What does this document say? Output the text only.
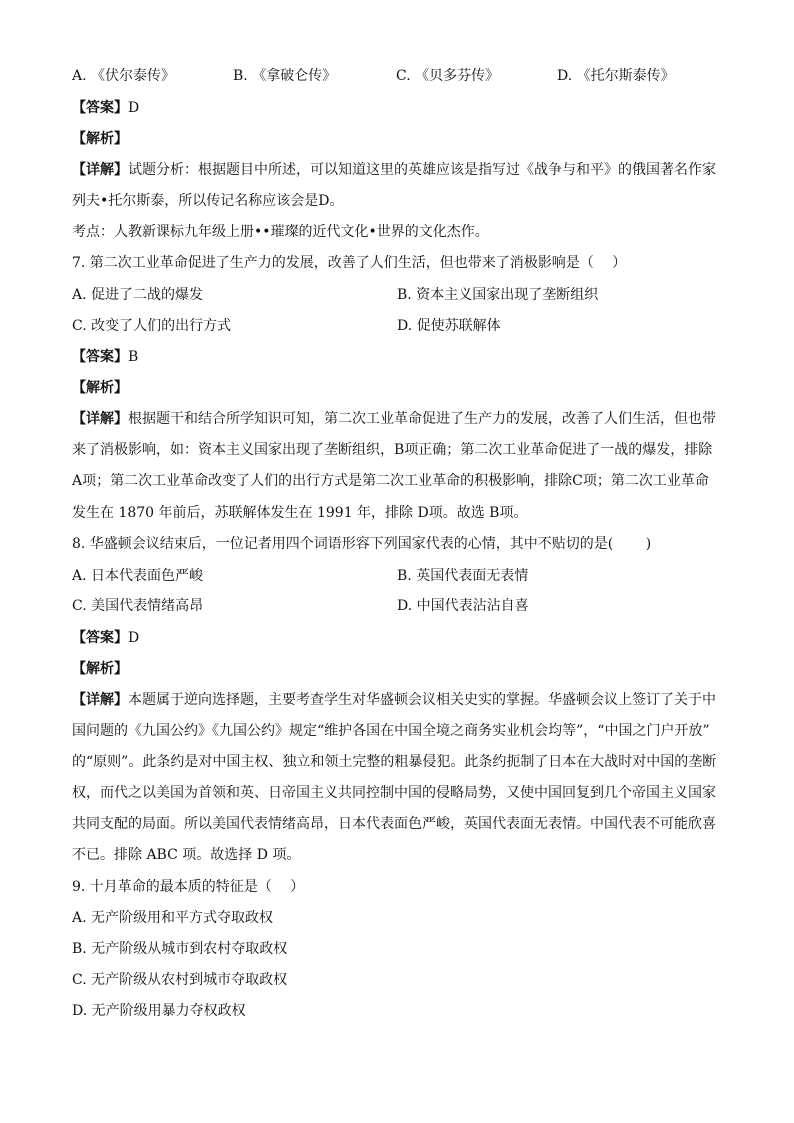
A. 《伏尔泰传》	B. 《拿破仑传》	C. 《贝多芬传》	D. 《托尔斯泰传》
【答案】D
【解析】
【详解】试题分析：根据题目中所述，可以知道这里的英雄应该是指写过《战争与和平》的俄国著名作家
列夫•托尔斯泰，所以传记名称应该会是D。
考点：人教新课标九年级上册••璀璨的近代文化•世界的文化杰作。
7. 第二次工业革命促进了生产力的发展，改善了人们生活，但也带来了消极影响是（　 ）
A. 促进了二战的爆发	B. 资本主义国家出现了垄断组织
C. 改变了人们的出行方式	D. 促使苏联解体
【答案】B
【解析】
【详解】根据题干和结合所学知识可知，第二次工业革命促进了生产力的发展，改善了人们生活，但也带
来了消极影响，如：资本主义国家出现了垄断组织，B项正确；第二次工业革命促进了一战的爆发，排除
A项；第二次工业革命改变了人们的出行方式是第二次工业革命的积极影响，排除C项；第二次工业革命
发生在 1870 年前后，苏联解体发生在 1991 年，排除 D项。故选 B项。
8. 华盛顿会议结束后，一位记者用四个词语形容下列国家代表的心情，其中不贴切的是(　　 )
A. 日本代表面色严峻	B. 英国代表面无表情
C. 美国代表情绪高昂	D. 中国代表沾沾自喜
【答案】D
【解析】
【详解】本题属于逆向选择题，主要考查学生对华盛顿会议相关史实的掌握。华盛顿会议上签订了关于中
国问题的《九国公约》《九国公约》规定“维护各国在中国全境之商务实业机会均等”，“中国之门户开放”
的“原则”。此条约是对中国主权、独立和领土完整的粗暴侵犯。此条约扼制了日本在大战时对中国的垄断
权，而代之以美国为首领和英、日帝国主义共同控制中国的侵略局势，又使中国回复到几个帝国主义国家
共同支配的局面。所以美国代表情绪高昂，日本代表面色严峻，英国代表面无表情。中国代表不可能欣喜
不已。排除 ABC 项。故选择 D 项。
9. 十月革命的最本质的特征是（　 ）
A. 无产阶级用和平方式夺取政权
B. 无产阶级从城市到农村夺取政权
C. 无产阶级从农村到城市夺取政权
D. 无产阶级用暴力夺权政权
